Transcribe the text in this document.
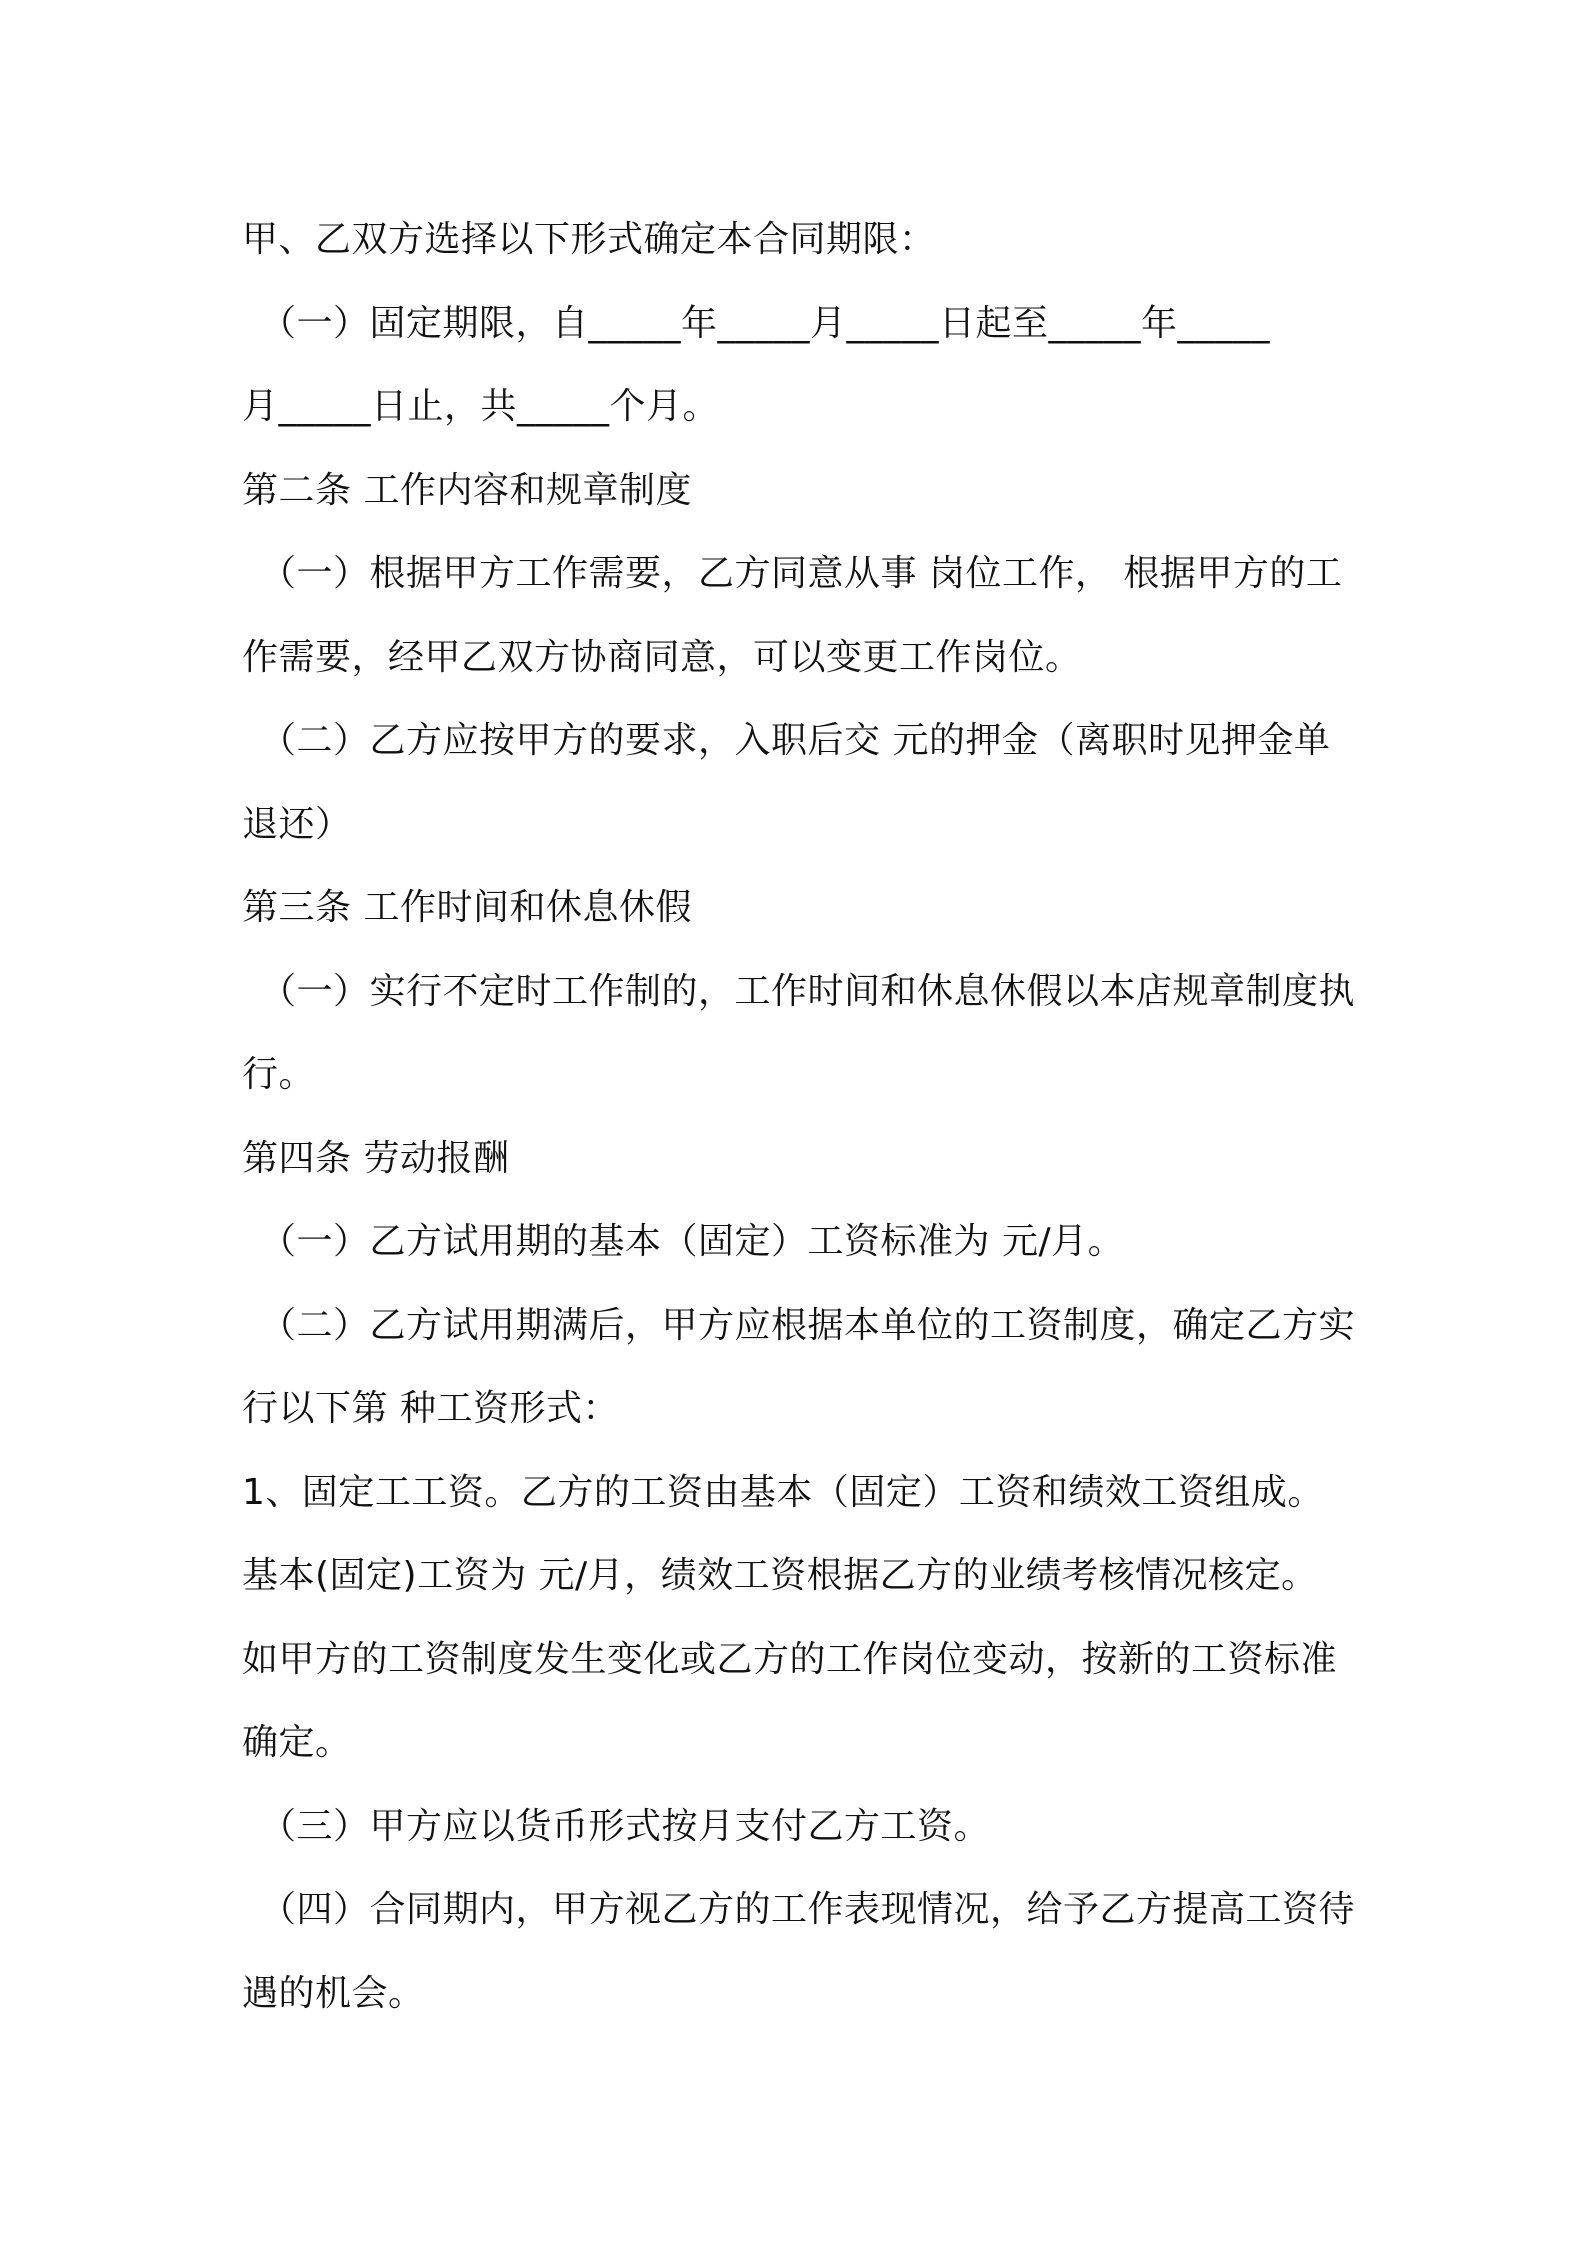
甲、乙双方选择以下形式确定本合同期限：
（一）固定期限，自_____年_____月_____日起至_____年_____
月_____日止，共_____个月。
第二条 工作内容和规章制度
（一）根据甲方工作需要，乙方同意从事 岗位工作， 根据甲方的工
作需要，经甲乙双方协商同意，可以变更工作岗位。
（二）乙方应按甲方的要求，入职后交 元的押金（离职时见押金单
退还）
第三条 工作时间和休息休假
（一）实行不定时工作制的，工作时间和休息休假以本店规章制度执
行。
第四条 劳动报酬
（一）乙方试用期的基本（固定）工资标准为 元/月。
（二）乙方试用期满后，甲方应根据本单位的工资制度，确定乙方实
行以下第 种工资形式：
1、固定工工资。乙方的工资由基本（固定）工资和绩效工资组成。
基本(固定)工资为 元/月，绩效工资根据乙方的业绩考核情况核定。
如甲方的工资制度发生变化或乙方的工作岗位变动，按新的工资标准
确定。
（三）甲方应以货币形式按月支付乙方工资。
（四）合同期内，甲方视乙方的工作表现情况，给予乙方提高工资待
遇的机会。
